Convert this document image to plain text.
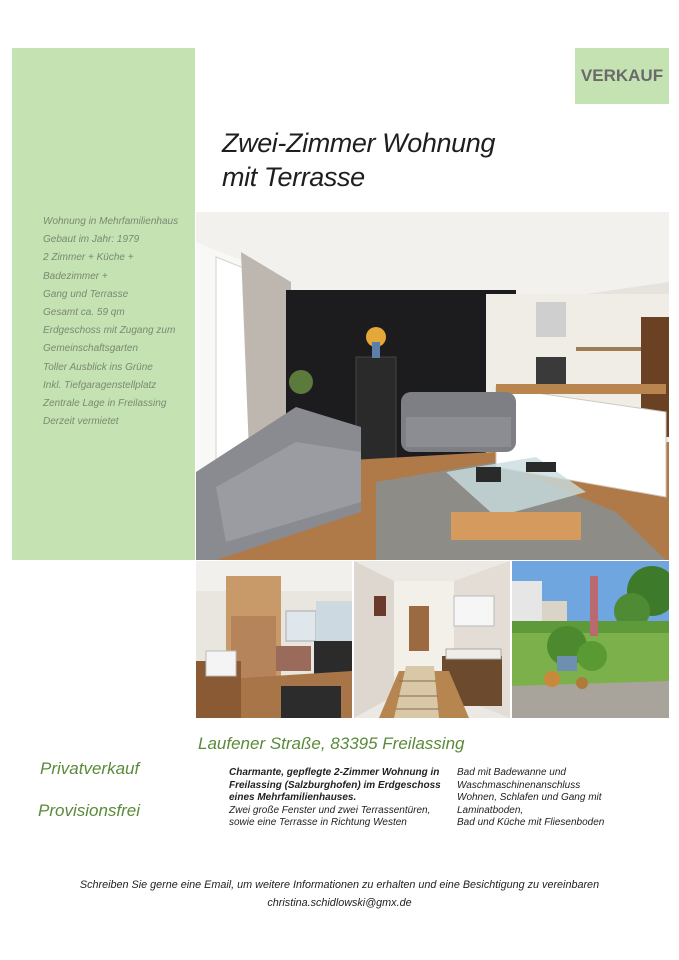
Wohnung in Mehrfamilienhaus
Gebaut im Jahr: 1979
2 Zimmer + Küche +
Badezimmer +
Gang und Terrasse
Gesamt ca. 59 qm
Erdgeschoss mit Zugang zum
Gemeinschaftsgarten
Toller Ausblick ins Grüne
Inkl. Tiefgaragenstellplatz
Zentrale Lage in Freilassing
Derzeit vermietet
VERKAUF
Zwei-Zimmer Wohnung
mit Terrasse
Laufener Straße, 83395 Freilassing
Privatverkauf
Provisionsfrei
Charmante, gepflegte 2-Zimmer Wohnung in Freilassing (Salzburghofen) im Erdgeschoss eines Mehrfamilienhauses.
Zwei große Fenster und zwei Terrassentüren, sowie eine Terrasse in Richtung Westen
Bad mit Badewanne und Waschmaschinenanschluss
Wohnen, Schlafen und Gang mit Laminatboden,
Bad und Küche mit Fliesenboden
Schreiben Sie gerne eine Email, um weitere Informationen zu erhalten und eine Besichtigung zu vereinbaren
christina.schidlowski@gmx.de
